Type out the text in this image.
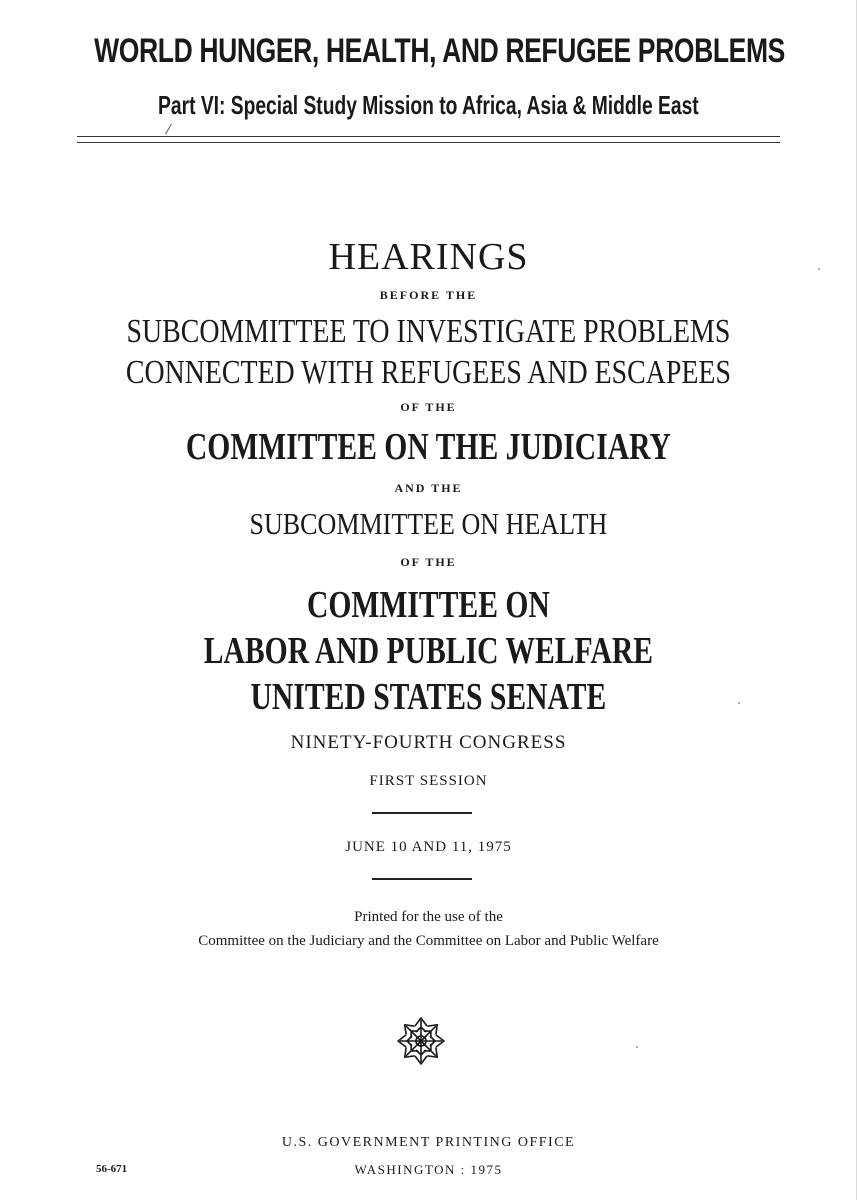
WORLD HUNGER, HEALTH, AND REFUGEE PROBLEMS
Part VI: Special Study Mission to Africa, Asia & Middle East
HEARINGS
BEFORE THE
SUBCOMMITTEE TO INVESTIGATE PROBLEMS
CONNECTED WITH REFUGEES AND ESCAPEES
OF THE
COMMITTEE ON THE JUDICIARY
AND THE
SUBCOMMITTEE ON HEALTH
OF THE
COMMITTEE ON
LABOR AND PUBLIC WELFARE
UNITED STATES SENATE
NINETY-FOURTH CONGRESS
FIRST SESSION
JUNE 10 AND 11, 1975
Printed for the use of the
Committee on the Judiciary and the Committee on Labor and Public Welfare
U.S. GOVERNMENT PRINTING OFFICE
WASHINGTON : 1975
56-671
